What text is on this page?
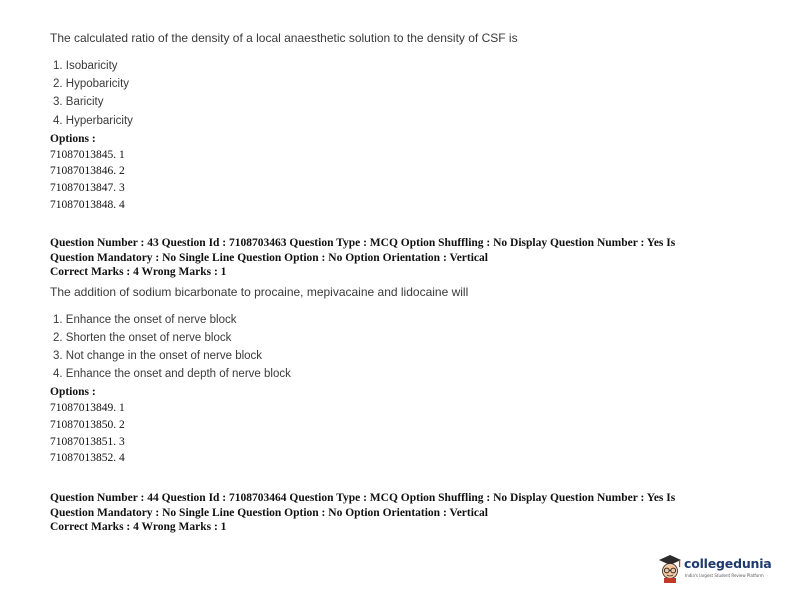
The calculated ratio of the density of a local anaesthetic solution to the density of CSF is

1. Isobaricity
2. Hypobaricity
3. Baricity
4. Hyperbaricity

Options :

71087013845. 1

71087013846. 2

71087013847. 3

71087013848. 4

Question Number : 43 Question Id : 7108703463 Question Type : MCQ Option Shuffling : No Display Question Number : Yes Is

Question Mandatory : No Single Line Question Option : No Option Orientation : Vertical

Correct Marks : 4 Wrong Marks : 1

The addition of sodium bicarbonate to procaine, mepivacaine and lidocaine will

1. Enhance the onset of nerve block
2. Shorten the onset of nerve block
3. Not change in the onset of nerve block
4. Enhance the onset and depth of nerve block

Options :

71087013849. 1

71087013850. 2

71087013851. 3

71087013852. 4

Question Number : 44 Question Id : 7108703464 Question Type : MCQ Option Shuffling : No Display Question Number : Yes Is

Question Mandatory : No Single Line Question Option : No Option Orientation : Vertical

Correct Marks : 4 Wrong Marks : 1

collegedunia
India's largest Student Review Platform
